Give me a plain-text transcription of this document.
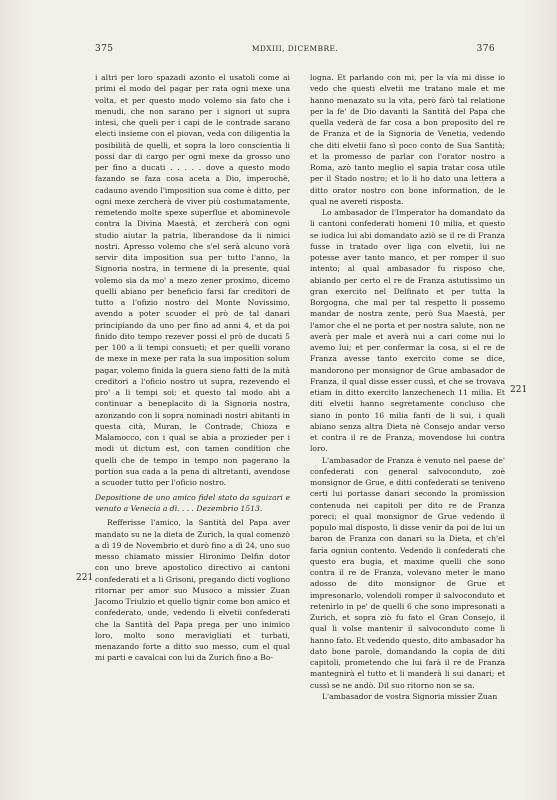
375	MDXIII, DICEMBRE.	376

i altri per loro spazadi azonto el usatoli come ai primi el modo del pagar per rata ogni mexe una volta, et per questo modo volemo sia fato che i menudi, che non sarano per i signori ut supra intesi, che queli per i capi de le contrade sarano electi insieme con el piovan, veda con diligentia la posibilità de quelli, et sopra la loro conscientia li possi dar di cargo per ogni mexe da grosso uno per fino a ducati . . . . . dove a questo modo fazando se faza cosa aceta a Dio, imperochè, cadauno avendo l'imposition sua come è ditto, per ogni mexe zercherà de viver più costumatamente, remetendo molte spexe superflue et abominevole contra la Divina Maestà, et zercherà con ogni studio aiutar la patria, liberandose da li nimici nostri. Apresso volemo che s'el serà alcuno vorà servir dita imposition sua per tutto l'anno, la Signoria nostra, in termene di la presente, qual volemo sia da mo' a mezo zener proximo, dicemo quelli abiano per beneficio farsi far creditori de tutto a l'ofizio nostro del Monte Novissimo, avendo a poter scuoder el prò de tal danari principiando da uno per fino ad anni 4, et da poi finido dito tempo rezever possi el prò de ducati 5 per 100 a li tempi consueti; et per quelli vorano de mexe in mexe per rata la sua imposition solum pagar, volemo finida la guera sieno fatti de la mità creditori a l'oficio nostro ut supra, rezevendo el pro' a li tempi soi; et questo tal modo abi a continuar a beneplacito di la Signoria nostra, azonzando con li sopra nominadi nostri abitanti in questa cità, Muran, le Contrade, Chioza e Malamocco, con i qual se abia a prozieder per i modi ut dictum est, con tamen condition che quelli che de tempo in tempo non pagerano la portion sua cada a la pena di altretanti, avendose a scuoder tutto per l'oficio nostro.

Depositione de uno amico fidel stato da sguizari e venuto a Venecia a dì. . . . Dezembrio 1513.

Refferisse l'amico, la Santità del Papa aver mandato su ne la dieta de Zurich, la qual comenzò a dì 19 de Novembrio et durò fino a dì 24, uno suo messo chiamato missier Hironimo Delfin dotor con uno breve apostolico directivo ai cantoni confederati et a li Grisoni, pregando dicti vogliono ritornar per amor suo Musoco a missier Zuan Jacomo Triulzio et quello tignir come bon amico et confederato, unde, vedendo li elvetii confederati che la Santità del Papa prega per uno inimico loro, molto sono meravigliati et turbati, menazando forte a ditto suo messo, cum el qual mi parti e cavalcai con lui da Zurich fino a Bo-

logna. Et parlando con mi, per la via mi disse io vedo che questi elvetii me tratano male et me hanno menazato su la vita, però farò tal relatione per la fe' de Dio davanti la Santità del Papa che quella vederà de far cosa a bon proposito del re de Franza et de la Signoria de Venetia, vedendo che diti elvetii fano sì poco conto de Sua Santità; et la promesso de parlar con l'orator nostro a Roma, azò tanto meglio el sapia tratar cosa utile per il Stado nostro; et lo li ho dato una lettera a ditto orator nostro con bone information, de le qual ne avereti risposta.

Lo ambasador de l'Imperator ha domandato da li cantoni confederati homeni 10 milia, et questo se iudica lui abi domandato aziò se il re di Franza fusse in tratado over liga con elvetii, lui ne potesse aver tanto manco, et per romper il suo intento; al qual ambasador fu risposo che, abiando per certo el re de Franza astutissimo un gran exercito nel Delfinato et per tutta la Borgogna, che mal per tal respetto li possemo mandar de nostra zente, però Sua Maestà, per l'amor che el ne porta et per nostra salute, non ne averà per male et averà nui a cari come nui lo avemo lui; et per confermar la cosa, si el re de Franza avesse tanto exercito come se dice, mandorono per monsignor de Grue ambasador de Franza, il qual disse esser cussì, et che se trovava etiam in ditto exercito lanzechenech 11 milia. Et diti elvetii hanno segretamente concluso che siano in ponto 16 milia fanti de li sui, i quali abiano senza altra Dieta nè Consejo andar verso et contra il re de Franza, movendose lui contra loro.

L'ambasador de Franza è venuto nel paese de' confederati con general salvoconduto, zoè monsignor de Grue, e ditti confederati se teniveno certi lui portasse danari secondo la promission contenuda nei capitoli per dito re de Franza poreci; el qual monsignor de Grue vedendo il populo mal disposto, li disse venir da poi de lui un baron de Franza con danari su la Dieta, et ch'el faria ogniun contento. Vedendo li confederati che questo era bugia, et maxime quelli che sono contra il re de Franza, volevano meter le mano adosso de dito monsignor de Grue et impresonarlo, volendoli romper il salvoconduto et retenirlo in pe' de quelli 6 che sono impresonati a Zurich, et sopra ziò fu fato el Gran Consejo, il qual li volse mantenir il salvoconduto come li hanno fato. Et vedendo questo, dito ambasador ha dato bone parole, domandando la copia de diti capitoli, prometendo che lui farà il re de Franza mantegnirà el tutto et li manderà li sui danari; et cussì se ne andò. Dil suo ritorno non se sa.

L'ambasador de vostra Signoria missier Zuan

221
221
